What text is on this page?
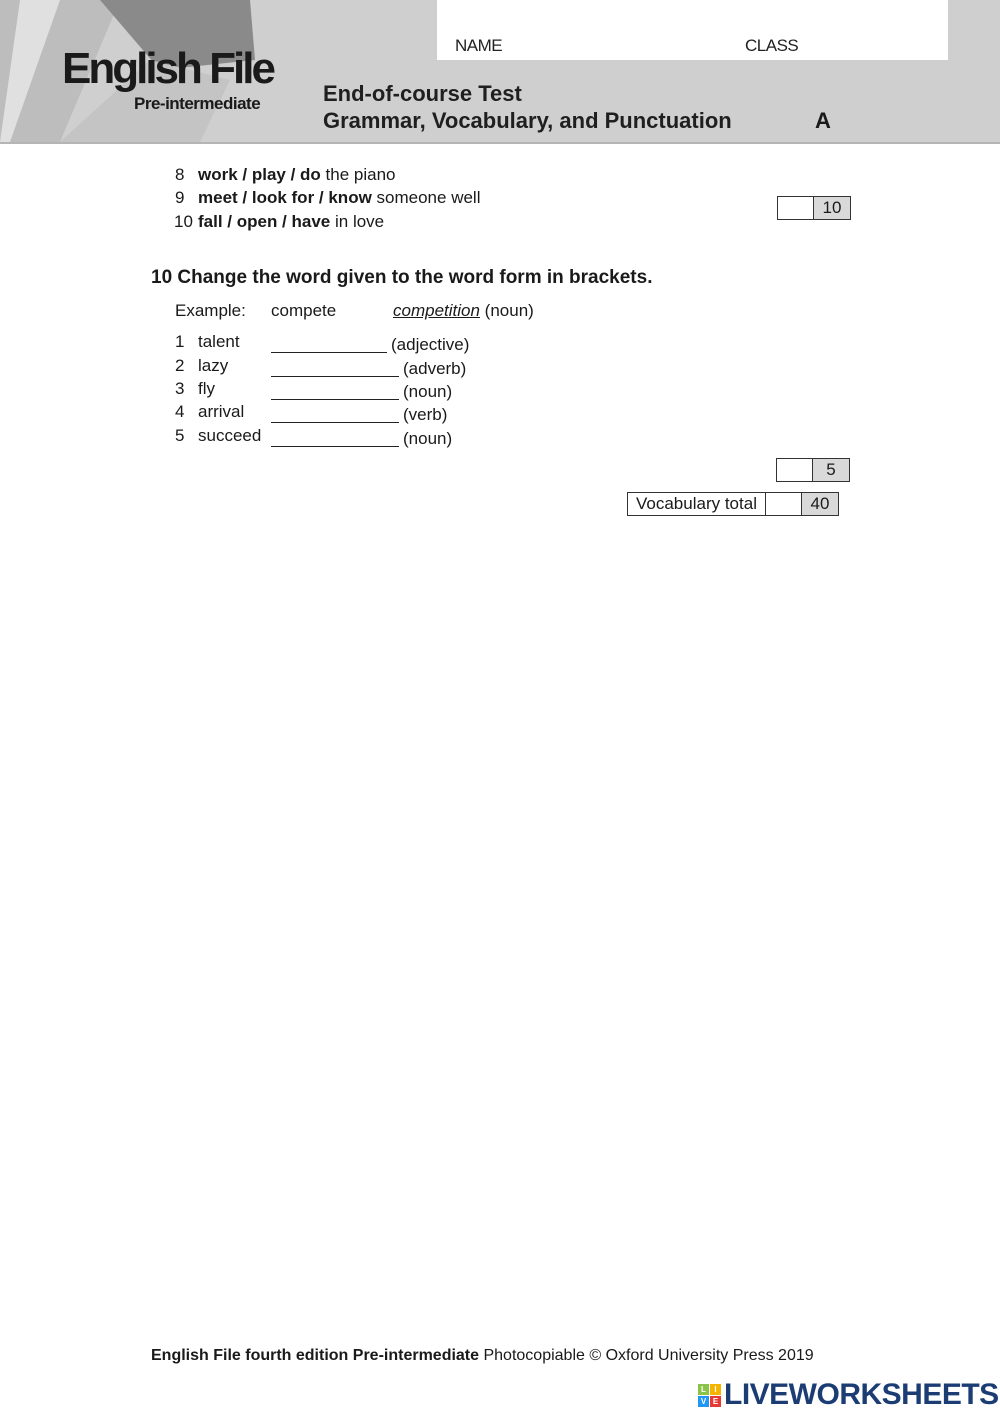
English File
Pre-intermediate
NAME	CLASS
End-of-course Test
Grammar, Vocabulary, and Punctuation	A
8 work / play / do the piano
9 meet / look for / know someone well
10 fall / open / have in love
10
10 Change the word given to the word form in brackets.
Example: compete	competition (noun)
1 talent	(adjective)
2 lazy	(adverb)
3 fly	(noun)
4 arrival	(verb)
5 succeed	(noun)
5
Vocabulary total	40
English File fourth edition Pre-intermediate Photocopiable © Oxford University Press 2019
L	I
V E LIVEWORKSHEETS
